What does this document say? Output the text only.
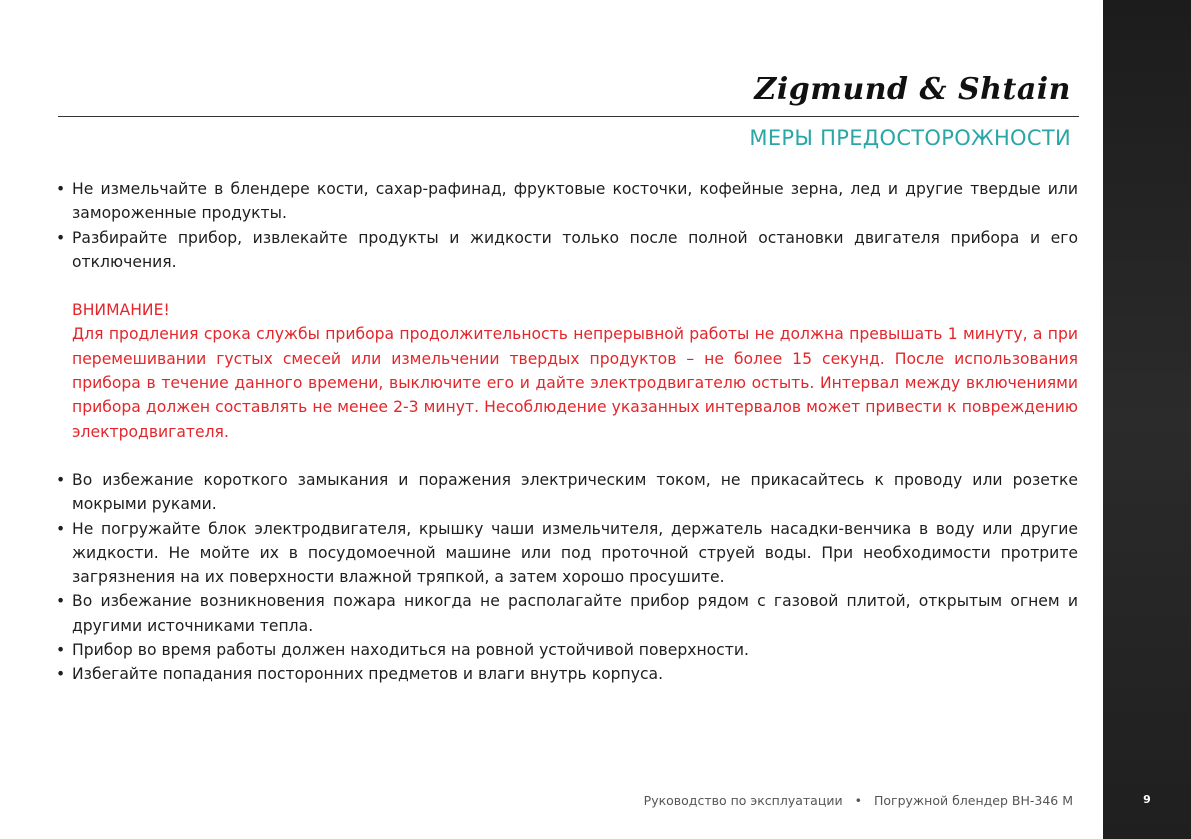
Zigmund & Shtain
МЕРЫ ПРЕДОСТОРОЖНОСТИ
• Не измельчайте в блендере кости, сахар-рафинад, фруктовые косточки, кофейные зерна, лед и другие твердые или замороженные продукты.
• Разбирайте прибор, извлекайте продукты и жидкости только после полной остановки двигателя прибора и его отключения.
ВНИМАНИЕ!
Для продления срока службы прибора продолжительность непрерывной работы не должна превышать 1 минуту, а при перемешивании густых смесей или измельчении твердых продуктов – не более 15 секунд. После использования прибора в течение данного времени, выключите его и дайте электродвигателю остыть. Интервал между включениями прибора должен составлять не менее 2-3 минут. Несоблюдение указанных интервалов может привести к повреждению электродвигателя.
• Во избежание короткого замыкания и поражения электрическим током, не прикасайтесь к проводу или розетке мокрыми руками.
• Не погружайте блок электродвигателя, крышку чаши измельчителя, держатель насадки-венчика в воду или другие жидкости. Не мойте их в посудомоечной машине или под проточной струей воды. При необходимости протрите загрязнения на их поверхности влажной тряпкой, а затем хорошо просушите.
• Во избежание возникновения пожара никогда не располагайте прибор рядом с газовой плитой, открытым огнем и другими источниками тепла.
• Прибор во время работы должен находиться на ровной устойчивой поверхности.
• Избегайте попадания посторонних предметов и влаги внутрь корпуса.
Руководство по эксплуатации • Погружной блендер BH-346 M	9
